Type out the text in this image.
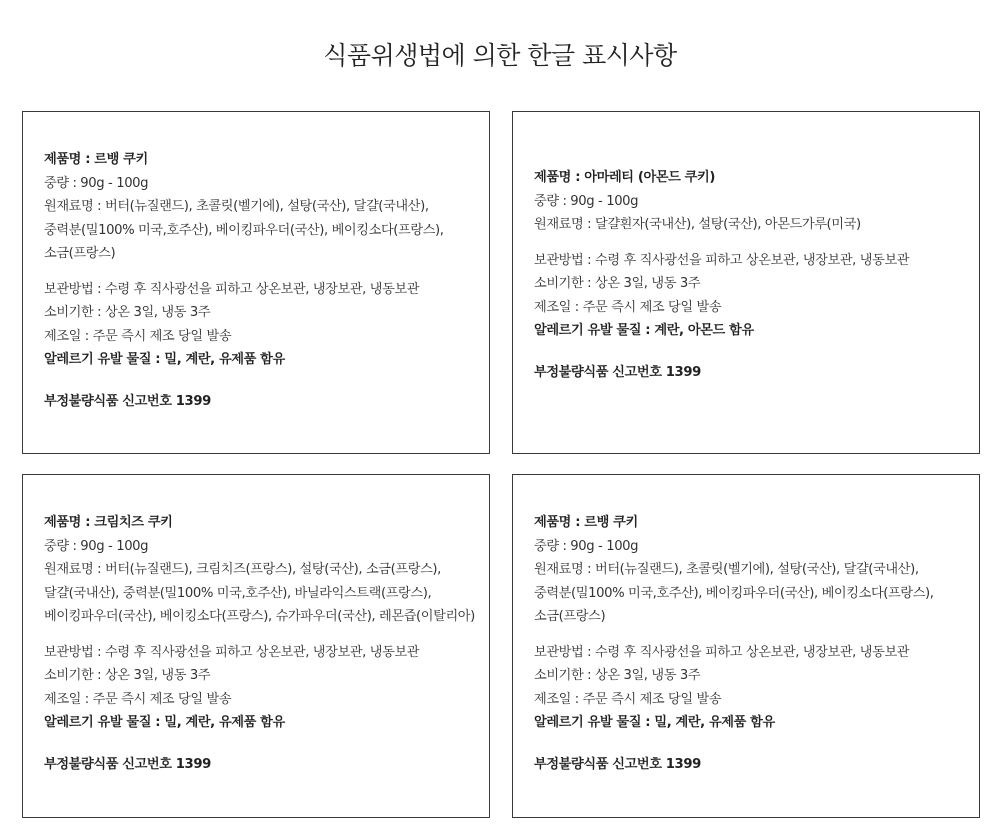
식품위생법에 의한 한글 표시사항
제품명 : 르뱅 쿠키
중량 : 90g - 100g
원재료명 : 버터(뉴질랜드), 초콜릿(벨기에), 설탕(국산), 달걀(국내산),
중력분(밀100% 미국,호주산), 베이킹파우더(국산), 베이킹소다(프랑스),
소금(프랑스)
보관방법 : 수령 후 직사광선을 피하고 상온보관, 냉장보관, 냉동보관
소비기한 : 상온 3일, 냉동 3주
제조일 : 주문 즉시 제조 당일 발송
알레르기 유발 물질 : 밀, 계란, 유제품 함유
부정불량식품 신고번호 1399
제품명 : 아마레티 (아몬드 쿠키)
중량 : 90g - 100g
원재료명 : 달걀흰자(국내산), 설탕(국산), 아몬드가루(미국)
보관방법 : 수령 후 직사광선을 피하고 상온보관, 냉장보관, 냉동보관
소비기한 : 상온 3일, 냉동 3주
제조일 : 주문 즉시 제조 당일 발송
알레르기 유발 물질 : 계란, 아몬드 함유
부정불량식품 신고번호 1399
제품명 : 크림치즈 쿠키
중량 : 90g - 100g
원재료명 : 버터(뉴질랜드), 크림치즈(프랑스), 설탕(국산), 소금(프랑스),
달걀(국내산), 중력분(밀100% 미국,호주산), 바닐라익스트랙(프랑스),
베이킹파우더(국산), 베이킹소다(프랑스), 슈가파우더(국산), 레몬즙(이탈리아)
보관방법 : 수령 후 직사광선을 피하고 상온보관, 냉장보관, 냉동보관
소비기한 : 상온 3일, 냉동 3주
제조일 : 주문 즉시 제조 당일 발송
알레르기 유발 물질 : 밀, 계란, 유제품 함유
부정불량식품 신고번호 1399
제품명 : 르뱅 쿠키
중량 : 90g - 100g
원재료명 : 버터(뉴질랜드), 초콜릿(벨기에), 설탕(국산), 달걀(국내산),
중력분(밀100% 미국,호주산), 베이킹파우더(국산), 베이킹소다(프랑스),
소금(프랑스)
보관방법 : 수령 후 직사광선을 피하고 상온보관, 냉장보관, 냉동보관
소비기한 : 상온 3일, 냉동 3주
제조일 : 주문 즉시 제조 당일 발송
알레르기 유발 물질 : 밀, 계란, 유제품 함유
부정불량식품 신고번호 1399
